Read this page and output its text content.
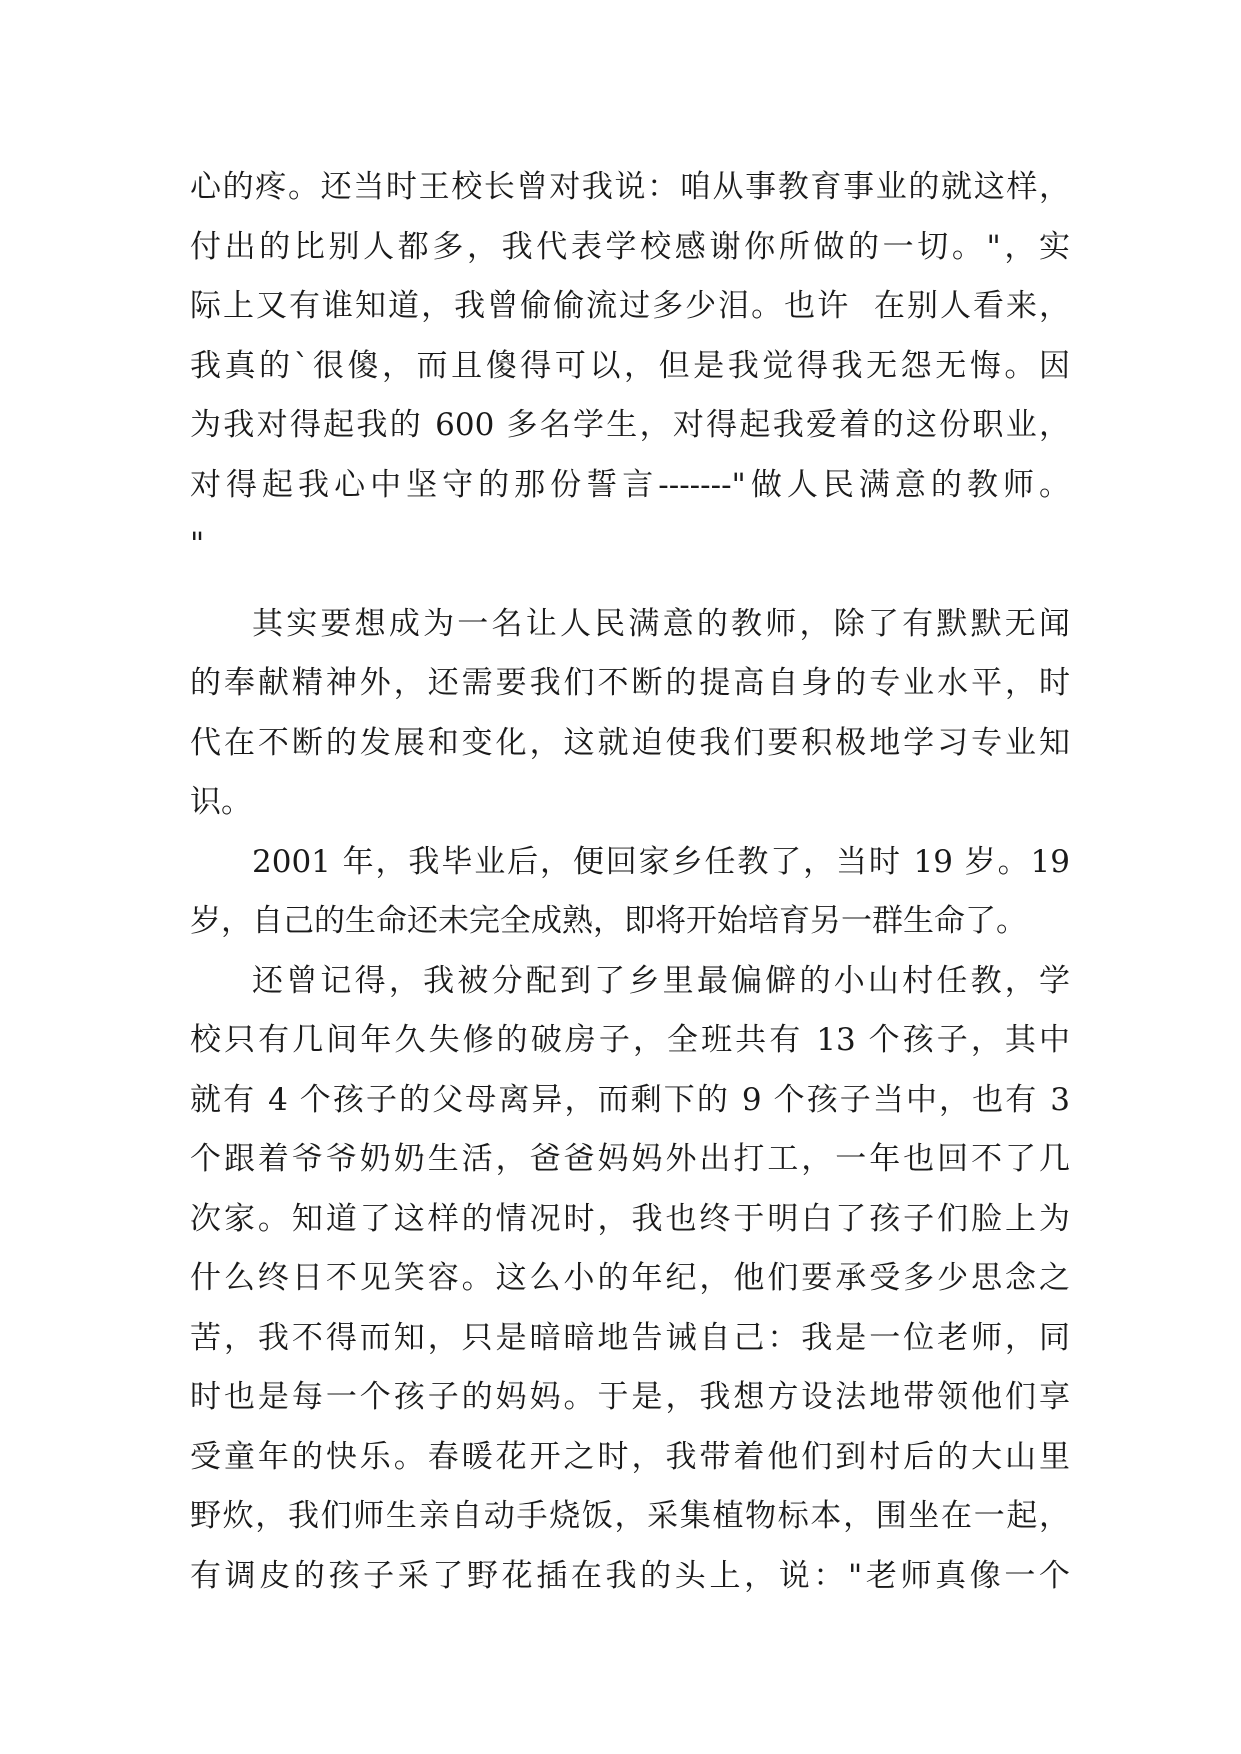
心的疼。还当时王校长曾对我说：咱从事教育事业的就这样，
付出的比别人都多，我代表学校感谢你所做的一切。"，实
际上又有谁知道，我曾偷偷流过多少泪。也许  在别人看来，
我真的`很傻，而且傻得可以，但是我觉得我无怨无悔。因
为我对得起我的 600 多名学生，对得起我爱着的这份职业，
对得起我心中坚守的那份誓言-------"做人民满意的教师。
"
其实要想成为一名让人民满意的教师，除了有默默无闻
的奉献精神外，还需要我们不断的提高自身的专业水平，时
代在不断的发展和变化，这就迫使我们要积极地学习专业知
识。
2001 年，我毕业后，便回家乡任教了，当时 19 岁。19
岁，自己的生命还未完全成熟，即将开始培育另一群生命了。
还曾记得，我被分配到了乡里最偏僻的小山村任教，学
校只有几间年久失修的破房子，全班共有 13 个孩子，其中
就有 4 个孩子的父母离异，而剩下的 9 个孩子当中，也有 3
个跟着爷爷奶奶生活，爸爸妈妈外出打工，一年也回不了几
次家。知道了这样的情况时，我也终于明白了孩子们脸上为
什么终日不见笑容。这么小的年纪，他们要承受多少思念之
苦，我不得而知，只是暗暗地告诫自己：我是一位老师，同
时也是每一个孩子的妈妈。于是，我想方设法地带领他们享
受童年的快乐。春暖花开之时，我带着他们到村后的大山里
野炊，我们师生亲自动手烧饭，采集植物标本，围坐在一起，
有调皮的孩子采了野花插在我的头上，说："老师真像一个
